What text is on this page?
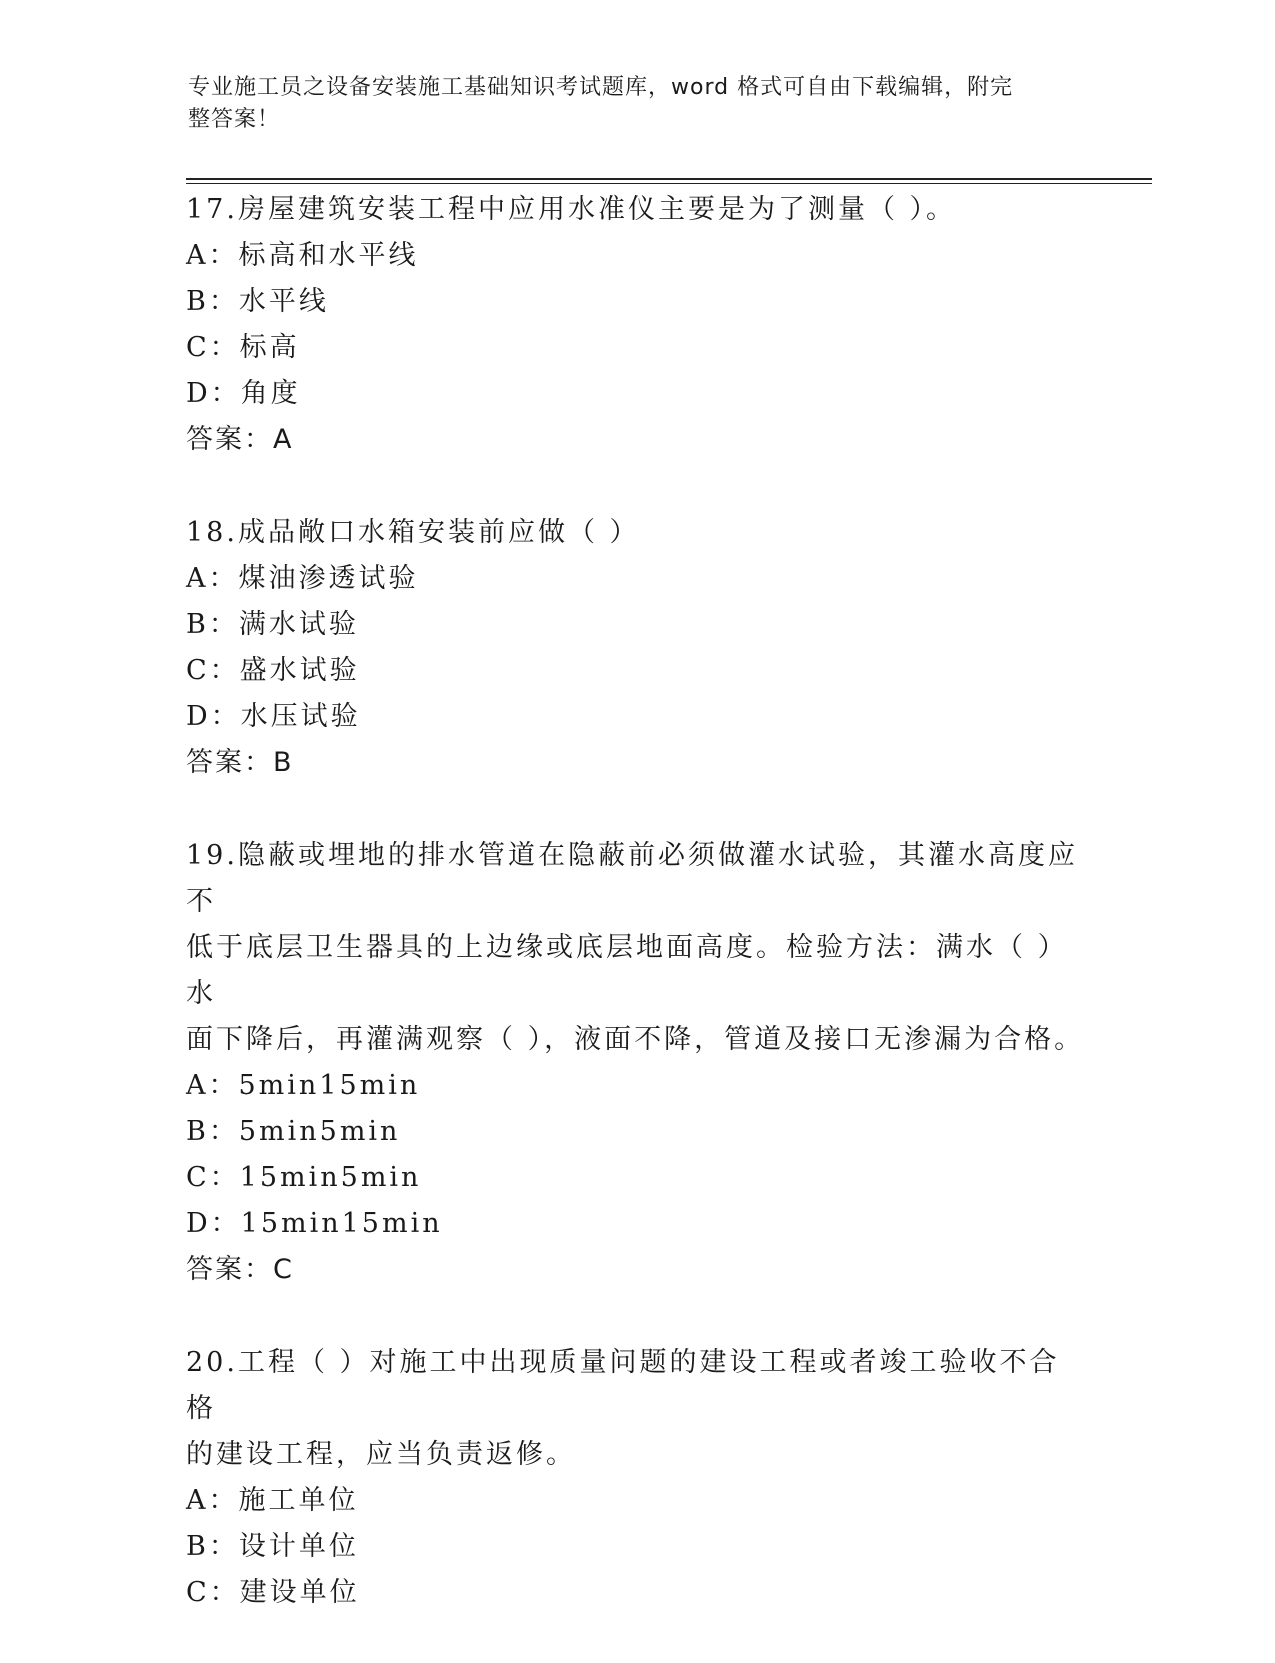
专业施工员之设备安装施工基础知识考试题库，word 格式可自由下载编辑，附完
整答案！

17.房屋建筑安装工程中应用水准仪主要是为了测量（ ）。

A：标高和水平线

B：水平线

C：标高

D：角度

答案：A

18.成品敞口水箱安装前应做（ ）

A：煤油渗透试验

B：满水试验

C：盛水试验

D：水压试验

答案：B

19.隐蔽或埋地的排水管道在隐蔽前必须做灌水试验，其灌水高度应不

低于底层卫生器具的上边缘或底层地面高度。检验方法：满水（ ）水

面下降后，再灌满观察（ ），液面不降，管道及接口无渗漏为合格。

A：5min15min

B：5min5min

C：15min5min

D：15min15min

答案：C

20.工程（ ）对施工中出现质量问题的建设工程或者竣工验收不合格

的建设工程，应当负责返修。

A：施工单位

B：设计单位

C：建设单位
